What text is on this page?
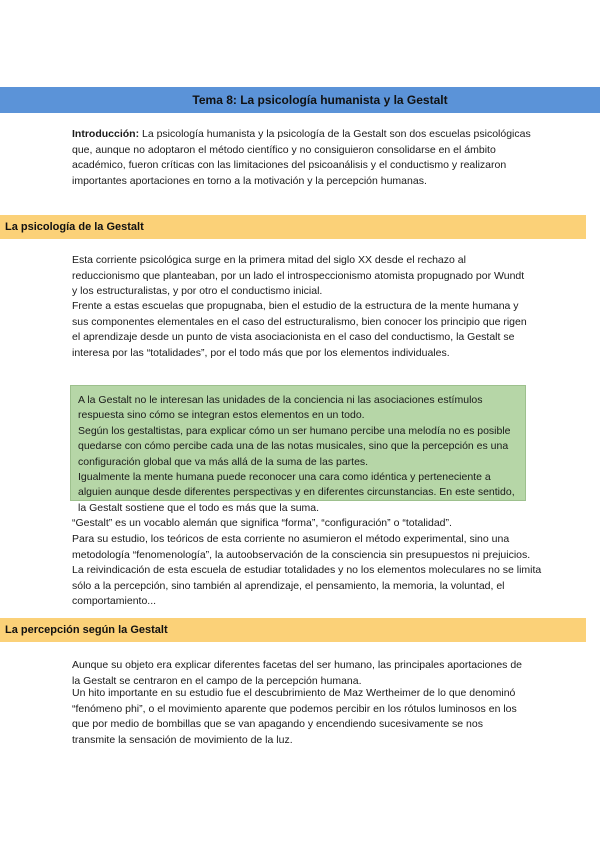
Tema 8: La psicología humanista y la Gestalt

Introducción: La psicología humanista y la psicología de la Gestalt son dos escuelas psicológicas que, aunque no adoptaron el método científico y no consiguieron consolidarse en el ámbito académico, fueron críticas con las limitaciones del psicoanálisis y el conductismo y realizaron importantes aportaciones en torno a la motivación y la percepción humanas.

La psicología de la Gestalt

Esta corriente psicológica surge en la primera mitad del siglo XX desde el rechazo al reduccionismo que planteaban, por un lado el introspeccionismo atomista propugnado por Wundt y los estructuralistas, y por otro el conductismo inicial.

Frente a estas escuelas que propugnaba, bien el estudio de la estructura de la mente humana y sus componentes elementales en el caso del estructuralismo, bien conocer los principio que rigen el aprendizaje desde un punto de vista asociacionista en el caso del conductismo, la Gestalt se interesa por las “totalidades”, por el todo más que por los elementos individuales.

A la Gestalt no le interesan las unidades de la conciencia ni las asociaciones estímulos respuesta sino cómo se integran estos elementos en un todo.
Según los gestaltistas, para explicar cómo un ser humano percibe una melodía no es posible quedarse con cómo percibe cada una de las notas musicales, sino que la percepción es una configuración global que va más allá de la suma de las partes.
Igualmente la mente humana puede reconocer una cara como idéntica y perteneciente a alguien aunque desde diferentes perspectivas y en diferentes circunstancias. En este sentido, la Gestalt sostiene que el todo es más que la suma.

“Gestalt” es un vocablo alemán que significa “forma”, “configuración” o “totalidad”.

Para su estudio, los teóricos de esta corriente no asumieron el método experimental, sino una metodología “fenomenología”, la autoobservación de la consciencia sin presupuestos ni prejuicios. La reivindicación de esta escuela de estudiar totalidades y no los elementos moleculares no se limita sólo a la percepción, sino también al aprendizaje, el pensamiento, la memoria, la voluntad, el comportamiento...

La percepción según la Gestalt

Aunque su objeto era explicar diferentes facetas del ser humano, las principales aportaciones de la Gestalt se centraron en el campo de la percepción humana.

Un hito importante en su estudio fue el descubrimiento de Maz Wertheimer de lo que denominó “fenómeno phi”, o el movimiento aparente que podemos percibir en los rótulos luminosos en los que por medio de bombillas que se van apagando y encendiendo sucesivamente se nos transmite la sensación de movimiento de la luz.
